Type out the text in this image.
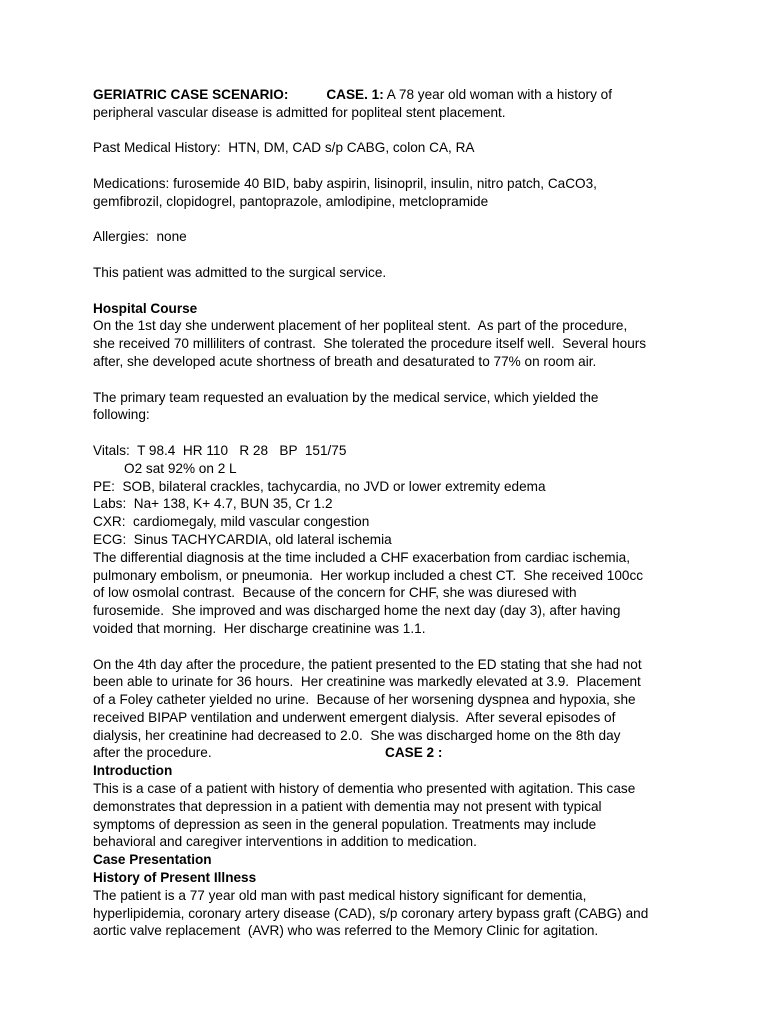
GERIATRIC CASE SCENARIO:	CASE. 1: A 78 year old woman with a history of

peripheral vascular disease is admitted for popliteal stent placement.

Past Medical History:  HTN, DM, CAD s/p CABG, colon CA, RA

Medications: furosemide 40 BID, baby aspirin, lisinopril, insulin, nitro patch, CaCO3,

gemfibrozil, clopidogrel, pantoprazole, amlodipine, metclopramide

Allergies:  none

This patient was admitted to the surgical service.

Hospital Course

On the 1st day she underwent placement of her popliteal stent.  As part of the procedure,

she received 70 milliliters of contrast.  She tolerated the procedure itself well.  Several hours

after, she developed acute shortness of breath and desaturated to 77% on room air.

The primary team requested an evaluation by the medical service, which yielded the

following:

Vitals:  T 98.4  HR 110   R 28   BP  151/75

O2 sat 92% on 2 L

PE:  SOB, bilateral crackles, tachycardia, no JVD or lower extremity edema

Labs:  Na+ 138, K+ 4.7, BUN 35, Cr 1.2

CXR:  cardiomegaly, mild vascular congestion

ECG:  Sinus TACHYCARDIA, old lateral ischemia

The differential diagnosis at the time included a CHF exacerbation from cardiac ischemia,

pulmonary embolism, or pneumonia.  Her workup included a chest CT.  She received 100cc

of low osmolal contrast.  Because of the concern for CHF, she was diuresed with

furosemide.  She improved and was discharged home the next day (day 3), after having

voided that morning.  Her discharge creatinine was 1.1.

On the 4th day after the procedure, the patient presented to the ED stating that she had not

been able to urinate for 36 hours.  Her creatinine was markedly elevated at 3.9.  Placement

of a Foley catheter yielded no urine.  Because of her worsening dyspnea and hypoxia, she

received BIPAP ventilation and underwent emergent dialysis.  After several episodes of

dialysis, her creatinine had decreased to 2.0.  She was discharged home on the 8th day

after the procedure.	CASE 2 :

Introduction

This is a case of a patient with history of dementia who presented with agitation. This case

demonstrates that depression in a patient with dementia may not present with typical

symptoms of depression as seen in the general population. Treatments may include

behavioral and caregiver interventions in addition to medication.

Case Presentation

History of Present Illness

The patient is a 77 year old man with past medical history significant for dementia,

hyperlipidemia, coronary artery disease (CAD), s/p coronary artery bypass graft (CABG) and

aortic valve replacement  (AVR) who was referred to the Memory Clinic for agitation.
